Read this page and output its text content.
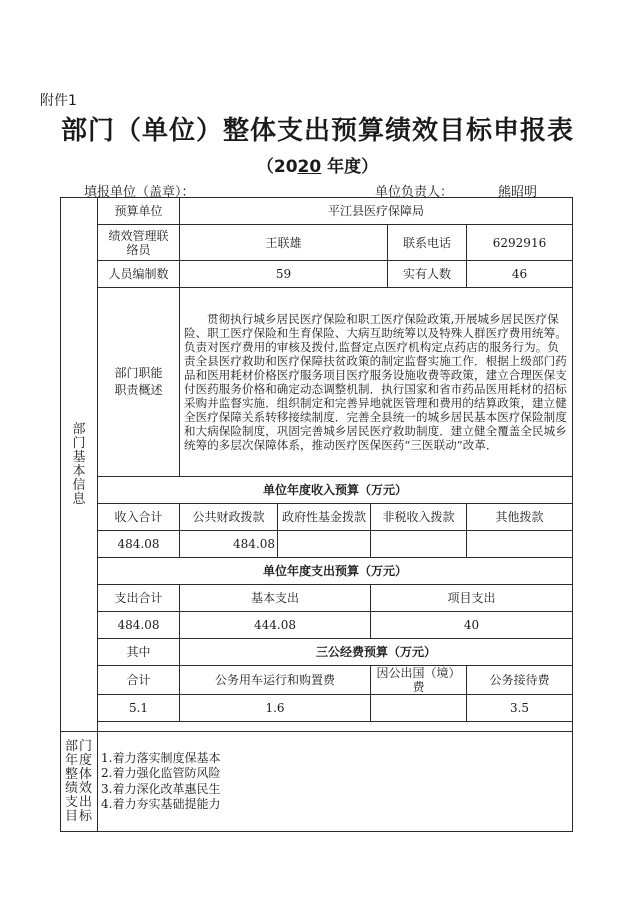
附件1
部门（单位）整体支出预算绩效目标申报表
（2020 年度）
填报单位（盖章）：	单位负责人：	熊昭明
部门基本信息	预算单位	平江县医疗保障局				
	绩效管理联络员	王联雄			联系电话	6292916
	人员编制数	59			实有人数	46
	部门职能职责概述	贯彻执行城乡居民医疗保险和职工医疗保险政策,开展城乡居民医疗保险、职工医疗保险和生育保险、大病互助统筹以及特殊人群医疗费用统筹。负责对医疗费用的审核及拨付,监督定点医疗机构定点药店的服务行为。负责全县医疗救助和医疗保障扶贫政策的制定监督实施工作．根据上级部门药品和医用耗材价格医疗服务项目医疗服务设施收费等政策，建立合理医保支付医药服务价格和确定动态调整机制．执行国家和省市药品医用耗材的招标采购并监督实施．组织制定和完善异地就医管理和费用的结算政策，建立健全医疗保障关系转移接续制度．完善全县统一的城乡居民基本医疗保险制度和大病保险制度，巩固完善城乡居民医疗救助制度．建立健全覆盖全民城乡统筹的多层次保障体系，推动医疗医保医药“三医联动”改革．				
	单位年度收入预算（万元）					
	收入合计	公共财政拨款	政府性基金拨款	非税收入拨款		其他拨款
	484.08	484.08				
	单位年度支出预算（万元）					
	支出合计	基本支出		项目支出		
	484.08	444.08		40		
	其中	三公经费预算（万元）				
	合计	公务用车运行和购置费		因公出国（境）费		公务接待费
	5.1	1.6				3.5

部门年度整体绩效支出目标	1.着力落实制度保基本
2.着力强化监管防风险
3.着力深化改革惠民生
4.着力夯实基础提能力					
